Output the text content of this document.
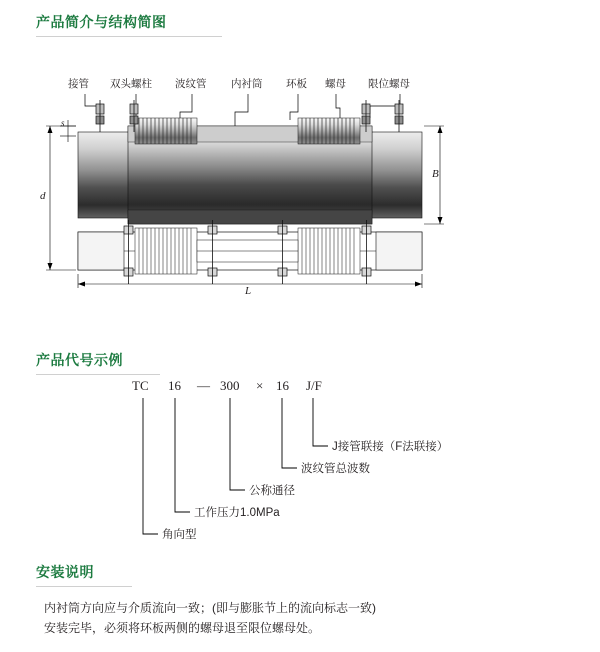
产品简介与结构简图
接管 双头螺柱 波纹管 内衬筒 环板 螺母 限位螺母
s
d
B
L
产品代号示例
TC 16 — 300 × 16 J/F
J接管联接（F法联接）
波纹管总波数
公称通径
工作压力1.0MPa
角向型
安装说明
内衬筒方向应与介质流向一致；(即与膨胀节上的流向标志一致)
安装完毕，必须将环板两侧的螺母退至限位螺母处。
